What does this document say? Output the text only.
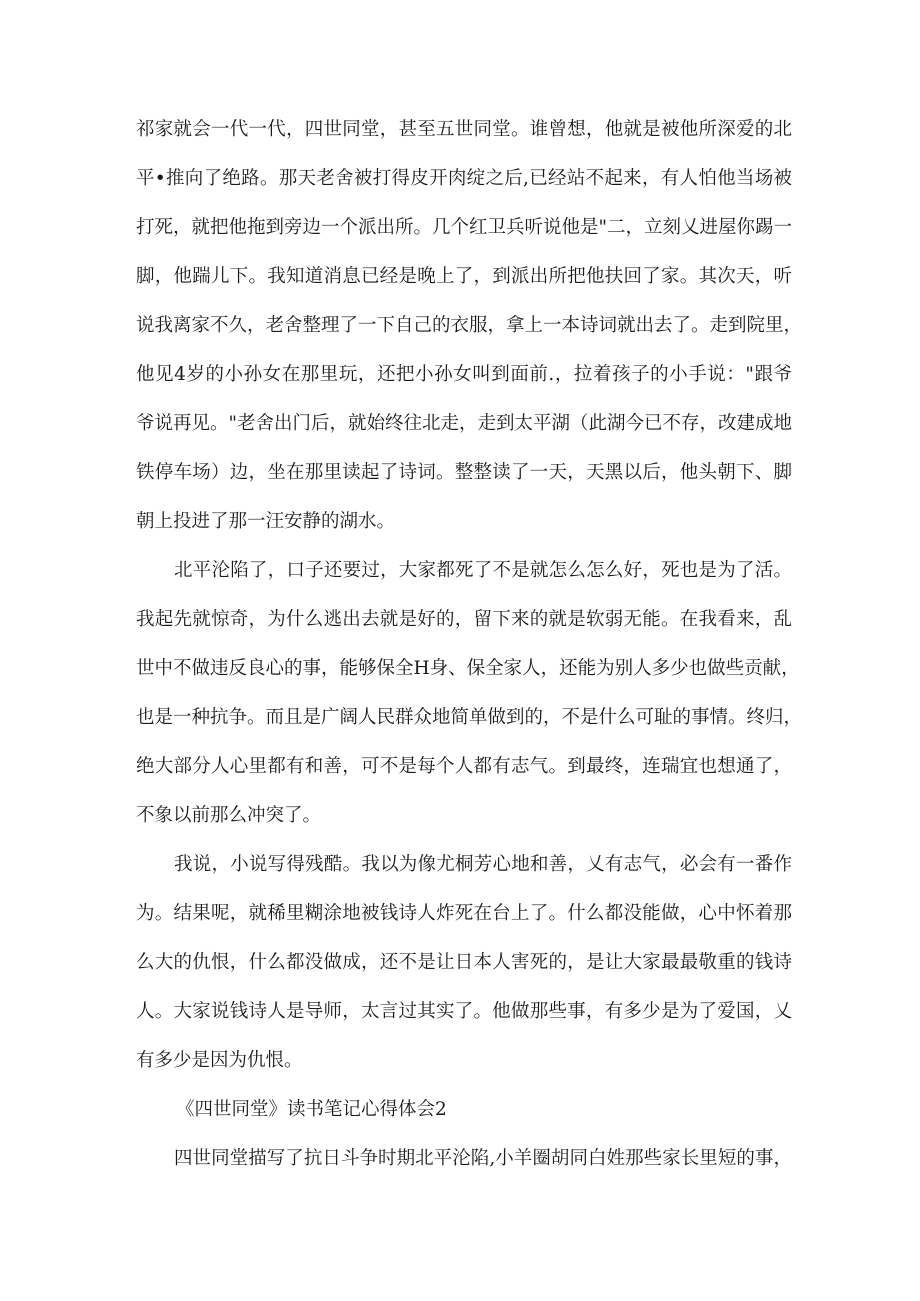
祁家就会一代一代，四世同堂，甚至五世同堂。谁曾想，他就是被他所深爱的北
平•推向了绝路。那天老舍被打得皮开肉绽之后,已经站不起来，有人怕他当场被
打死，就把他拖到旁边一个派出所。几个红卫兵听说他是"二，立刻乂进屋你踢一
脚，他踹儿下。我知道消息已经是晚上了，到派出所把他扶回了家。其次天，听
说我离家不久，老舍整理了一下自己的衣服，拿上一本诗词就出去了。走到院里，
他见4岁的小孙女在那里玩，还把小孙女叫到面前.，拉着孩子的小手说："跟爷
爷说再见。"老舍出门后，就始终往北走，走到太平湖（此湖今已不存，改建成地
铁停车场）边，坐在那里读起了诗词。整整读了一天，天黑以后，他头朝下、脚
朝上投进了那一汪安静的湖水。
北平沦陷了，口子还要过，大家都死了不是就怎么怎么好，死也是为了活。
我起先就惊奇，为什么逃出去就是好的，留下来的就是软弱无能。在我看来，乱
世中不做违反良心的事，能够保全H身、保全家人，还能为别人多少也做些贡献，
也是一种抗争。而且是广阔人民群众地简单做到的，不是什么可耻的事情。终归，
绝大部分人心里都有和善，可不是每个人都有志气。到最终，连瑞宜也想通了，
不象以前那么冲突了。
我说，小说写得残酷。我以为像尤桐芳心地和善，乂有志气，必会有一番作
为。结果呢，就稀里糊涂地被钱诗人炸死在台上了。什么都没能做，心中怀着那
么大的仇恨，什么都没做成，还不是让日本人害死的，是让大家最最敬重的钱诗
人。大家说钱诗人是导师，太言过其实了。他做那些事，有多少是为了爱国，乂
有多少是因为仇恨。
《四世同堂》读书笔记心得体会2
四世同堂描写了抗日斗争时期北平沦陷,小羊圈胡同白姓那些家长里短的事，
